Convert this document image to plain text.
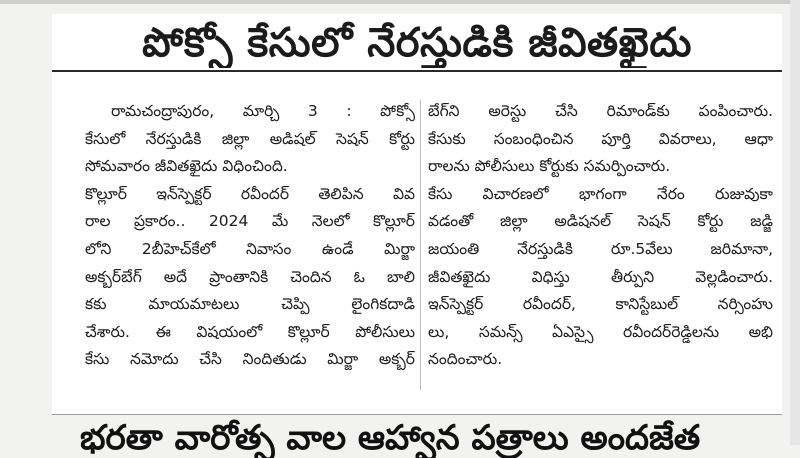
పోక్సో కేసులో నేరస్తుడికి జీవితఖైదు
రామచంద్రాపురం, మార్చి 3 : పోక్సో
కేసులో నేరస్తుడికి జిల్లా అడిషల్ సెషన్ కోర్టు
సోమవారం జీవితఖైదు విధించింది.
కొల్లూర్ ఇన్‌స్పెక్టర్ రవీందర్ తెలిపిన వివ
రాల ప్రకారం.. 2024 మే నెలలో కొల్లూర్
లోని 2బీహెచ్‌కేలో నివాసం ఉండే మిర్జా
అక్బర్‌బేగ్ అదే ప్రాంతానికి చెందిన ఓ బాలి
కకు మాయమాటలు చెప్పి లైంగికదాడి
చేశారు. ఈ విషయంలో కొల్లూర్ పోలీసులు
కేసు నమోదు చేసి నిందితుడు మిర్జా అక్బర్
బేగ్‌ని అరెస్టు చేసి రిమాండ్‌కు పంపించారు.
కేసుకు సంబంధించిన పూర్తి వివరాలు, ఆధా
రాలను పోలీసులు కోర్టుకు సమర్పించారు.
కేసు విచారణలో భాగంగా నేరం రుజువుకా
వడంతో జిల్లా అడిషనల్ సెషన్ కోర్టు జడ్జి
జయంతి నేరస్తుడికి రూ.5వేలు జరిమానా,
జీవితఖైదు విధిస్తు తీర్పుని వెల్లడించారు.
ఇన్‌స్పెక్టర్ రవీందర్, కానిస్టేబుల్ నర్సింహు
లు, సమన్స్ ఏఎస్సై రవీందర్‌రెడ్డిలను అభి
నందించారు.
భరతా వారోత్స వాల ఆహ్వాన పత్రాలు అందజేత
